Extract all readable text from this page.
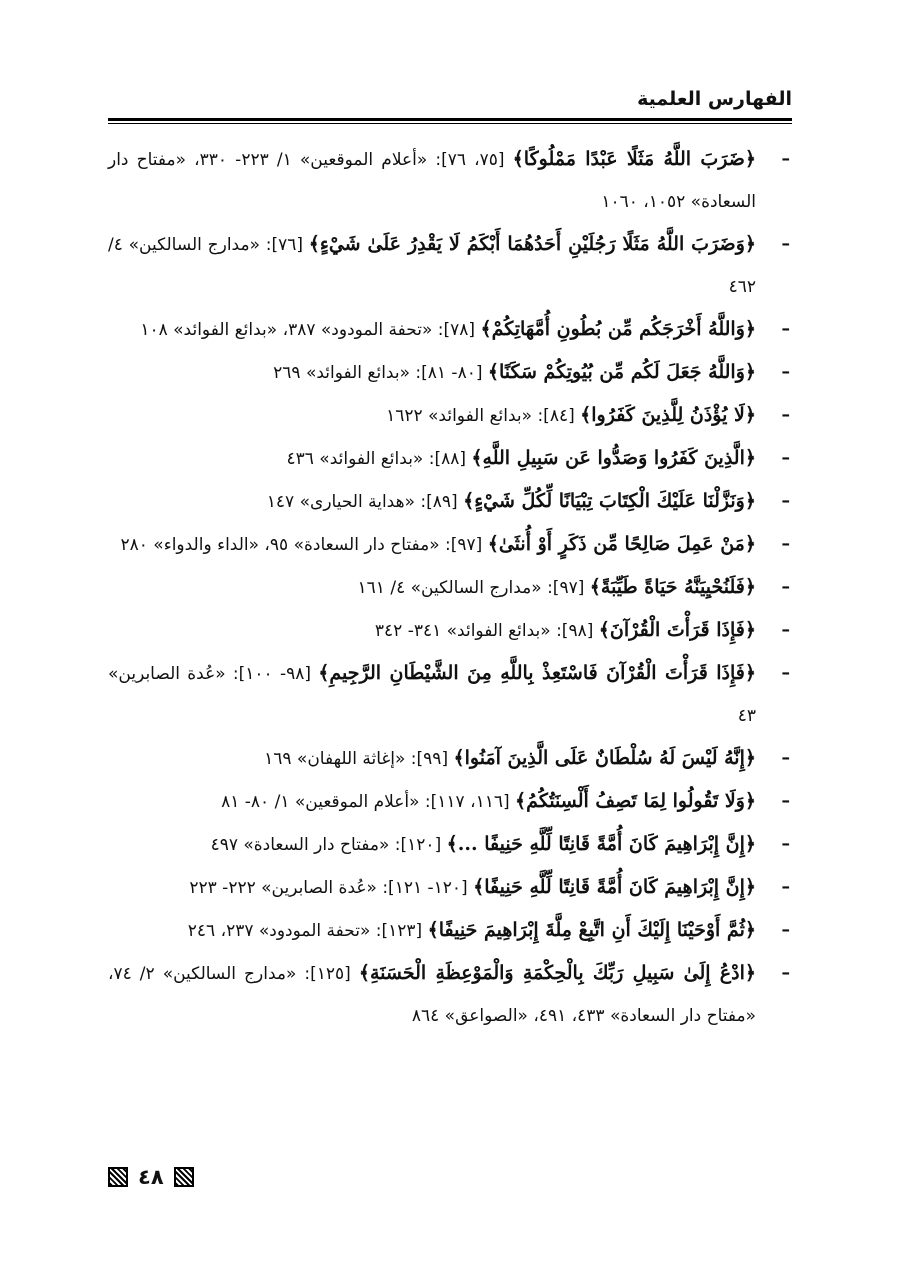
الفهارس العلمية
–
﴿ضَرَبَ اللَّهُ مَثَلًا عَبْدًا مَمْلُوكًا﴾ [٧٥، ٧٦]: «أعلام الموقعين» ١/ ٢٢٣- ٣٣٠، «مفتاح دار السعادة» ١٠٥٢، ١٠٦٠
–
﴿وَضَرَبَ اللَّهُ مَثَلًا رَجُلَيْنِ أَحَدُهُمَا أَبْكَمُ لَا يَقْدِرُ عَلَىٰ شَيْءٍ﴾ [٧٦]: «مدارج السالكين» ٤/ ٤٦٢
–
﴿وَاللَّهُ أَخْرَجَكُم مِّن بُطُونِ أُمَّهَاتِكُمْ﴾ [٧٨]: «تحفة المودود» ٣٨٧، «بدائع الفوائد» ١٠٨
–
﴿وَاللَّهُ جَعَلَ لَكُم مِّن بُيُوتِكُمْ سَكَنًا﴾ [٨٠- ٨١]: «بدائع الفوائد» ٢٦٩
–
﴿لَا يُؤْذَنُ لِلَّذِينَ كَفَرُوا﴾ [٨٤]: «بدائع الفوائد» ١٦٢٢
–
﴿الَّذِينَ كَفَرُوا وَصَدُّوا عَن سَبِيلِ اللَّهِ﴾ [٨٨]: «بدائع الفوائد» ٤٣٦
–
﴿وَنَزَّلْنَا عَلَيْكَ الْكِتَابَ تِبْيَانًا لِّكُلِّ شَيْءٍ﴾ [٨٩]: «هداية الحيارى» ١٤٧
–
﴿مَنْ عَمِلَ صَالِحًا مِّن ذَكَرٍ أَوْ أُنثَىٰ﴾ [٩٧]: «مفتاح دار السعادة» ٩٥، «الداء والدواء» ٢٨٠
–
﴿فَلَنُحْيِيَنَّهُ حَيَاةً طَيِّبَةً﴾ [٩٧]: «مدارج السالكين» ٤/ ١٦١
–
﴿فَإِذَا قَرَأْتَ الْقُرْآنَ﴾ [٩٨]: «بدائع الفوائد» ٣٤١- ٣٤٢
–
﴿فَإِذَا قَرَأْتَ الْقُرْآنَ فَاسْتَعِذْ بِاللَّهِ مِنَ الشَّيْطَانِ الرَّجِيمِ﴾ [٩٨- ١٠٠]: «عُدة الصابرين» ٤٣
–
﴿إِنَّهُ لَيْسَ لَهُ سُلْطَانٌ عَلَى الَّذِينَ آمَنُوا﴾ [٩٩]: «إغاثة اللهفان» ١٦٩
–
﴿وَلَا تَقُولُوا لِمَا تَصِفُ أَلْسِنَتُكُمُ﴾ [١١٦، ١١٧]: «أعلام الموقعين» ١/ ٨٠- ٨١
–
﴿إِنَّ إِبْرَاهِيمَ كَانَ أُمَّةً قَانِتًا لِّلَّهِ حَنِيفًا ...﴾ [١٢٠]: «مفتاح دار السعادة» ٤٩٧
–
﴿إِنَّ إِبْرَاهِيمَ كَانَ أُمَّةً قَانِتًا لِّلَّهِ حَنِيفًا﴾ [١٢٠- ١٢١]: «عُدة الصابرين» ٢٢٢- ٢٢٣
–
﴿ثُمَّ أَوْحَيْنَا إِلَيْكَ أَنِ اتَّبِعْ مِلَّةَ إِبْرَاهِيمَ حَنِيفًا﴾ [١٢٣]: «تحفة المودود» ٢٣٧، ٢٤٦
–
﴿ادْعُ إِلَىٰ سَبِيلِ رَبِّكَ بِالْحِكْمَةِ وَالْمَوْعِظَةِ الْحَسَنَةِ﴾ [١٢٥]: «مدارج السالكين» ٢/ ٧٤، «مفتاح دار السعادة» ٤٣٣، ٤٩١، «الصواعق» ٨٦٤
٤٨
